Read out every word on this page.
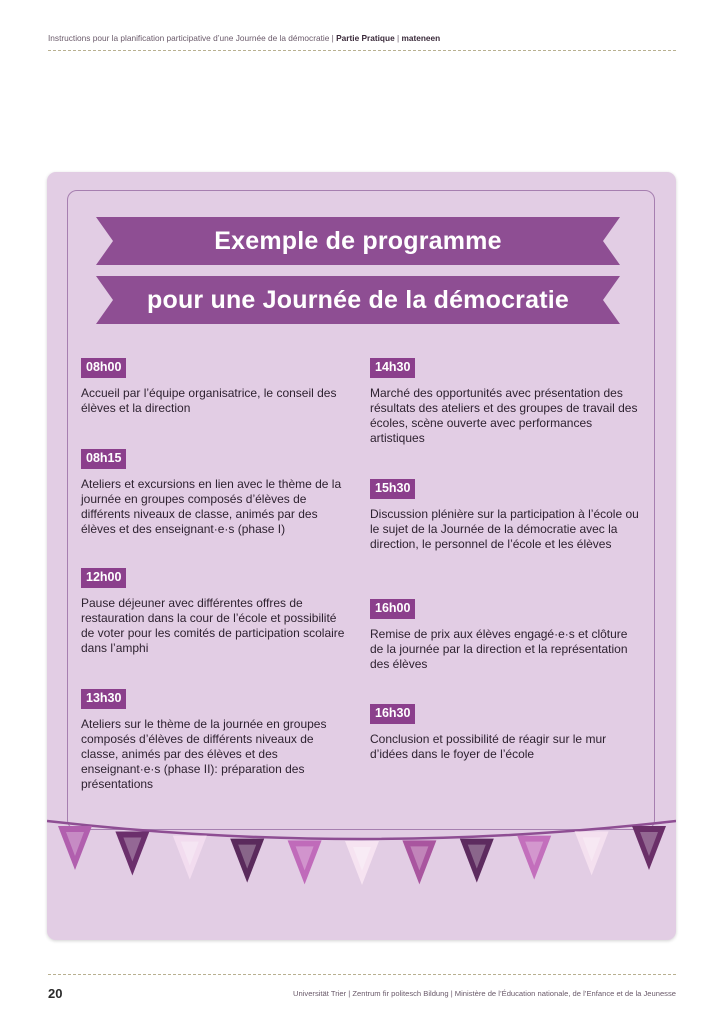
Instructions pour la planification participative d’une Journée de la démocratie | Partie Pratique | mateneen
Exemple de programme
pour une Journée de la démocratie
08h00
Accueil par l’équipe organisatrice, le conseil des élèves et la direction
08h15
Ateliers et excursions en lien avec le thème de la journée en groupes composés d’élèves de différents niveaux de classe, animés par des élèves et des enseignant·e·s (phase I)
12h00
Pause déjeuner avec différentes offres de restauration dans la cour de l’école et possibilité de voter pour les comités de participation scolaire dans l’amphi
13h30
Ateliers sur le thème de la journée en groupes composés d’élèves de différents niveaux de classe, animés par des élèves et des enseignant·e·s (phase II): préparation des présentations
14h30
Marché des opportunités avec présentation des résultats des ateliers et des groupes de travail des écoles, scène ouverte avec performances artistiques
15h30
Discussion plénière sur la participation à l’école ou le sujet de la Journée de la démocratie avec la direction, le personnel de l’école et les élèves
16h00
Remise de prix aux élèves engagé·e·s et clôture de la journée par la direction et la représentation des élèves
16h30
Conclusion et possibilité de réagir sur le mur d’idées dans le foyer de l’école
20	Universität Trier | Zentrum fir politesch Bildung | Ministère de l’Éducation nationale, de l’Enfance et de la Jeunesse
